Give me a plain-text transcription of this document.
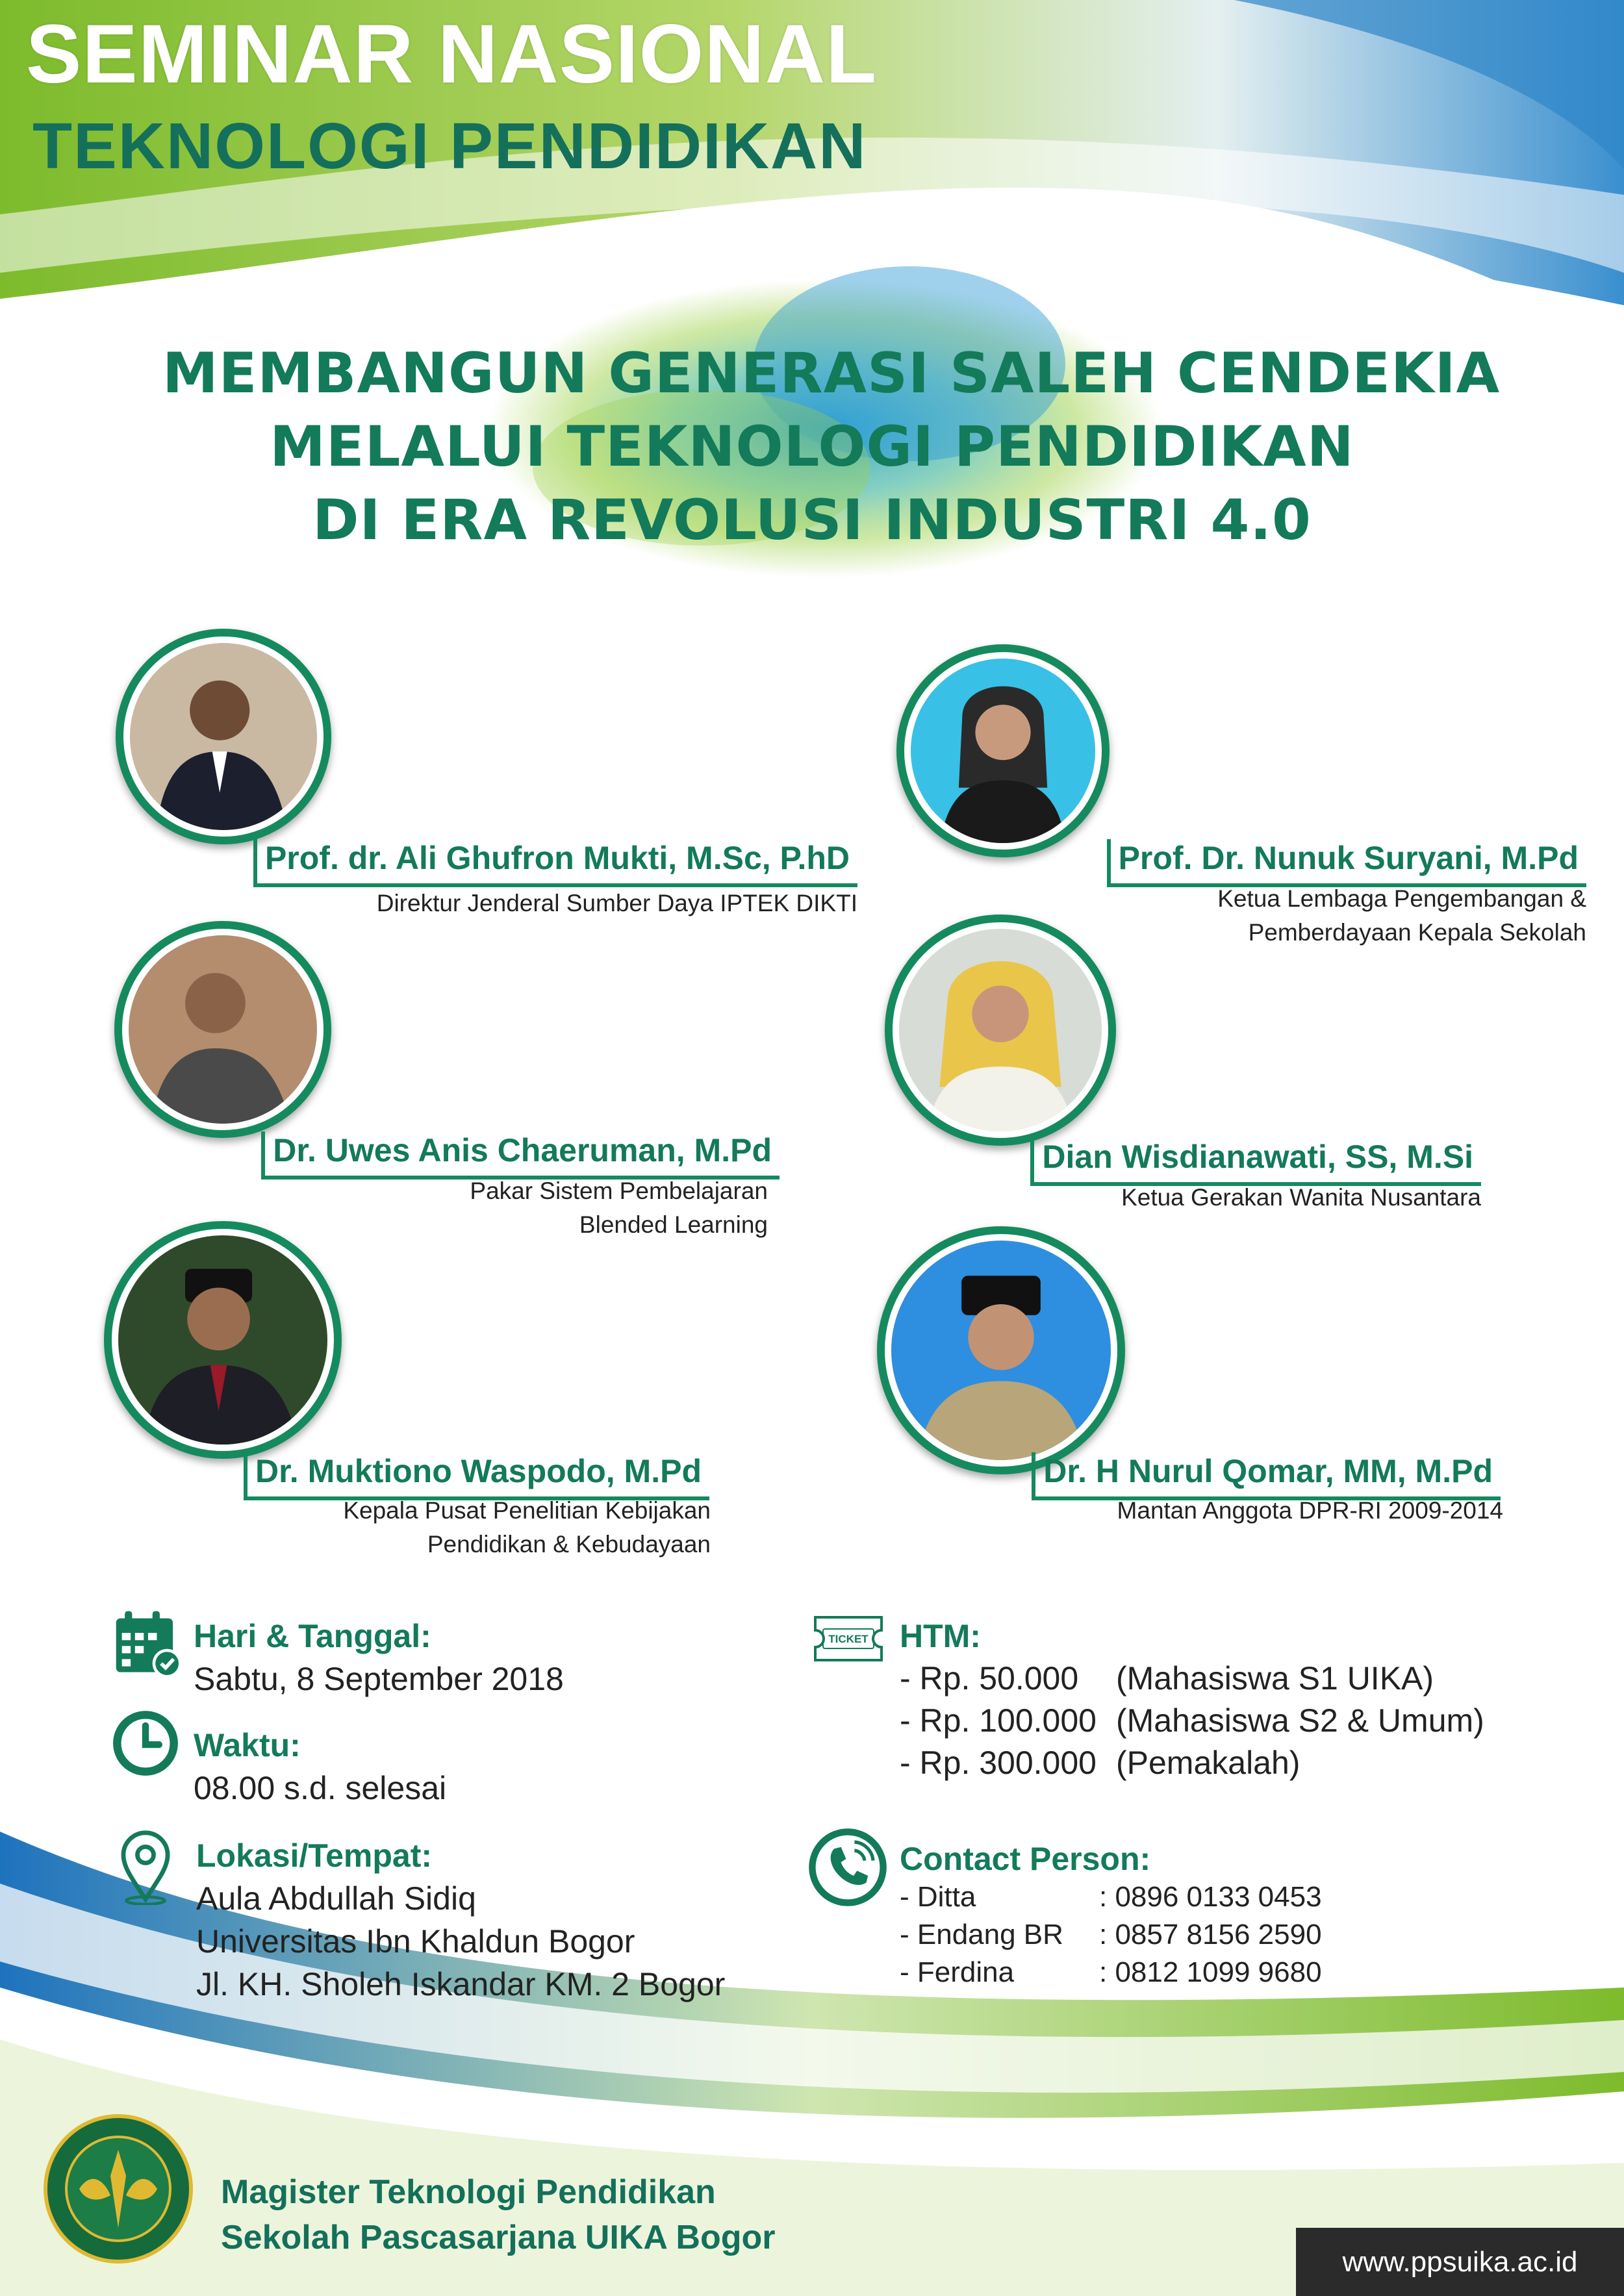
SEMINAR NASIONAL
TEKNOLOGI PENDIDIKAN
MEMBANGUN GENERASI SALEH CENDEKIA
MELALUI TEKNOLOGI PENDIDIKAN
DI ERA REVOLUSI INDUSTRI 4.0
Prof. dr. Ali Ghufron Mukti, M.Sc, P.hD
Direktur Jenderal Sumber Daya IPTEK DIKTI
Prof. Dr. Nunuk Suryani, M.Pd
Ketua Lembaga Pengembangan &
Pemberdayaan Kepala Sekolah
Dr. Uwes Anis Chaeruman, M.Pd
Pakar Sistem Pembelajaran
Blended Learning
Dian Wisdianawati, SS, M.Si
Ketua Gerakan Wanita Nusantara
Dr. Muktiono Waspodo, M.Pd
Kepala Pusat Penelitian Kebijakan
Pendidikan & Kebudayaan
Dr. H Nurul Qomar, MM, M.Pd
Mantan Anggota DPR-RI 2009-2014
Hari & Tanggal:
Sabtu, 8 September 2018
Waktu:
08.00 s.d. selesai
Lokasi/Tempat:
Aula Abdullah Sidiq
Universitas Ibn Khaldun Bogor
Jl. KH. Sholeh Iskandar KM. 2 Bogor
TICKET HTM:
- Rp. 50.000 (Mahasiswa S1 UIKA)
- Rp. 100.000 (Mahasiswa S2 & Umum)
- Rp. 300.000 (Pemakalah)
Contact Person:
- Ditta	: 0896 0133 0453
- Endang BR : 0857 8156 2590
- Ferdina	: 0812 1099 9680
Magister Teknologi Pendidikan
Sekolah Pascasarjana UIKA Bogor
www.ppsuika.ac.id
